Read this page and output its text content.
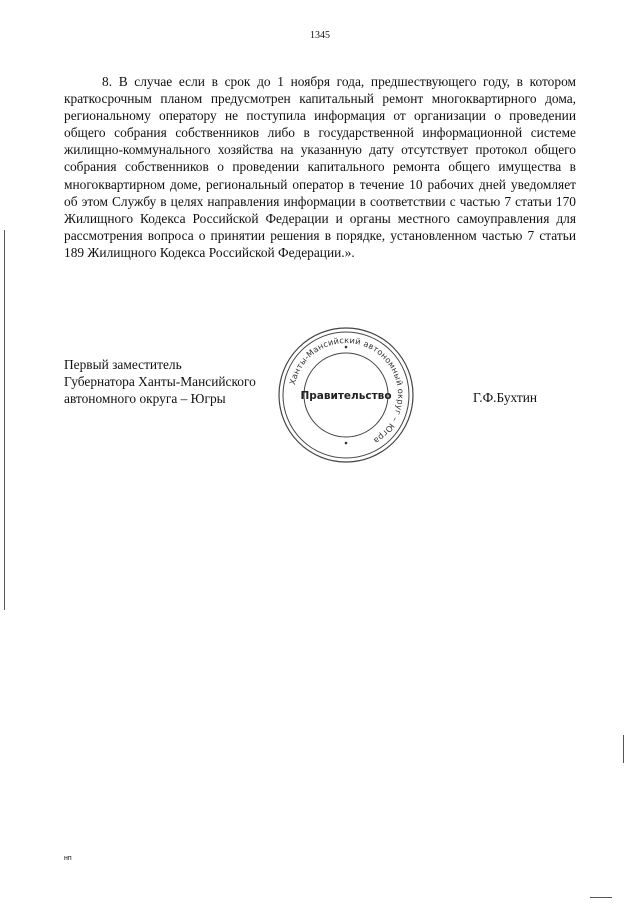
1345

8. В случае если в срок до 1 ноября года, предшествующего году, в котором краткосрочным планом предусмотрен капитальный ремонт многоквартирного дома, региональному оператору не поступила информация от организации о проведении общего собрания собственников либо в государственной информационной системе жилищно-коммунального хозяйства на указанную дату отсутствует протокол общего собрания собственников о проведении капитального ремонта общего имущества в многоквартирном доме, региональный оператор в течение 10 рабочих дней уведомляет об этом Службу в целях направления информации в соответствии с частью 7 статьи 170 Жилищного Кодекса Российской Федерации и органы местного самоуправления для рассмотрения вопроса о принятии решения в порядке, установленном частью 7 статьи 189 Жилищного Кодекса Российской Федерации.».

Первый заместитель
Губернатора Ханты-Мансийского
автономного округа – Югры
Ханты-Мансийский автономный округ – Югра
Правительство	Г.Ф.Бухтин
нп
